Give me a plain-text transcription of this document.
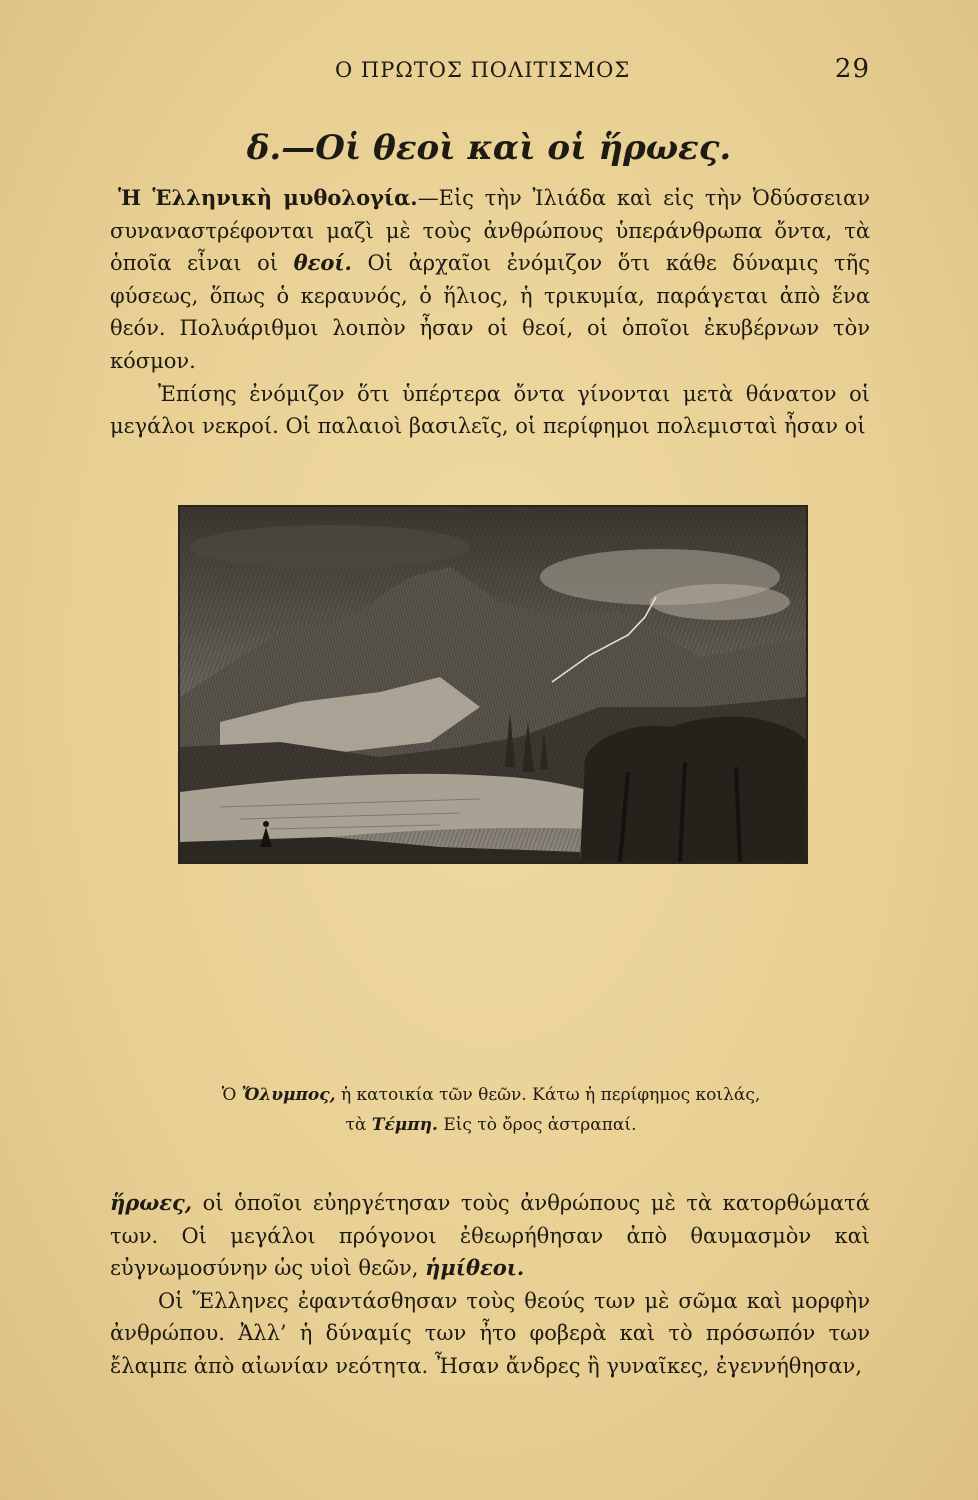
Ο ΠΡΩΤΟΣ ΠΟΛΙΤΙΣΜΟΣ	29
δ.—Οἱ θεοὶ καὶ οἱ ἥρωες.

Ἡ Ἑλληνικὴ μυθολογία.—Εἰς τὴν Ἰλιάδα καὶ εἰς τὴν Ὀδύσσειαν συναναστρέφονται μαζὶ μὲ τοὺς ἀνθρώπους ὑπεράνθρωπα ὄντα, τὰ ὁποῖα εἶναι οἱ θεοί. Οἱ ἀρχαῖοι ἐνόμιζον ὅτι κάθε δύναμις τῆς φύσεως, ὅπως ὁ κεραυνός, ὁ ἥλιος, ἡ τρικυμία, παράγεται ἀπὸ ἕνα θεόν. Πολυάριθμοι λοιπὸν ἦσαν οἱ θεοί, οἱ ὁποῖοι ἐκυβέρνων τὸν κόσμον.

Ἐπίσης ἐνόμιζον ὅτι ὑπέρτερα ὄντα γίνονται μετὰ θάνατον οἱ μεγάλοι νεκροί. Οἱ παλαιοὶ βασιλεῖς, οἱ περίφημοι πολεμισταὶ ἦσαν οἱ

Ὁ Ὄλυμπος, ἡ κατοικία τῶν θεῶν. Κάτω ἡ περίφημος κοιλάς,
τὰ Τέμπη. Εἰς τὸ ὄρος ἀστραπαί.

ἥρωες, οἱ ὁποῖοι εὐηργέτησαν τοὺς ἀνθρώπους μὲ τὰ κατορθώματά των. Οἱ μεγάλοι πρόγονοι ἐθεωρήθησαν ἀπὸ θαυμασμὸν καὶ εὐγνωμοσύνην ὡς υἱοὶ θεῶν, ἡμίθεοι.

Οἱ Ἕλληνες ἐφαντάσθησαν τοὺς θεούς των μὲ σῶμα καὶ μορφὴν ἀνθρώπου. Ἀλλ’ ἡ δύναμίς των ἦτο φοβερὰ καὶ τὸ πρόσωπόν των ἔλαμπε ἀπὸ αἰωνίαν νεότητα. Ἦσαν ἄνδρες ἢ γυναῖκες, ἐγεννήθησαν,
